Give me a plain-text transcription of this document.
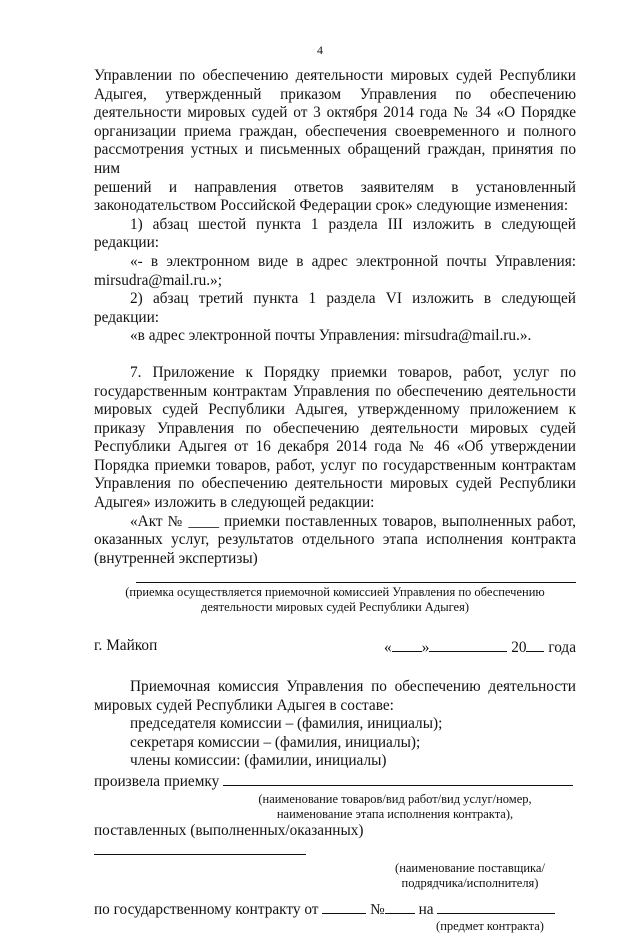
4

Управлении по обеспечению деятельности мировых судей Республики

Адыгея, утвержденный приказом Управления по обеспечению

деятельности мировых судей от 3 октября 2014 года № 34 «О Порядке

организации приема граждан, обеспечения своевременного и полного

рассмотрения устных и письменных обращений граждан, принятия по ним

решений и направления ответов заявителям в установленный

законодательством Российской Федерации срок» следующие изменения:

1) абзац шестой пункта 1 раздела III изложить в следующей

редакции:

«- в электронном виде в адрес электронной почты Управления:

mirsudra@mail.ru.»;

2) абзац третий пункта 1 раздела VI изложить в следующей

редакции:

«в адрес электронной почты Управления: mirsudra@mail.ru.».

7. Приложение к Порядку приемки товаров, работ, услуг по

государственным контрактам Управления по обеспечению деятельности

мировых судей Республики Адыгея, утвержденному приложением к

приказу Управления по обеспечению деятельности мировых судей

Республики Адыгея от 16 декабря 2014 года № 46 «Об утверждении

Порядка приемки товаров, работ, услуг по государственным контрактам

Управления по обеспечению деятельности мировых судей Республики

Адыгея» изложить в следующей редакции:

«Акт № ____ приемки поставленных товаров, выполненных работ,

оказанных услуг, результатов отдельного этапа исполнения контракта

(внутренней экспертизы)

(приемка осуществляется приемочной комиссией Управления по обеспечению
деятельности мировых судей Республики Адыгея)
г. Майкоп	« »	20 года

Приемочная комиссия Управления по обеспечению деятельности

мировых судей Республики Адыгея в составе:

председателя комиссии – (фамилия, инициалы);

секретаря комиссии – (фамилия, инициалы);

члены комиссии: (фамилии, инициалы)

произвела приемку

(наименование товаров/вид работ/вид услуг/номер,
наименование этапа исполнения контракта),

поставленных (выполненных/оказанных)

(наименование поставщика/
подрядчика/исполнителя)

по государственному контракту от	№ на

(предмет контракта)
